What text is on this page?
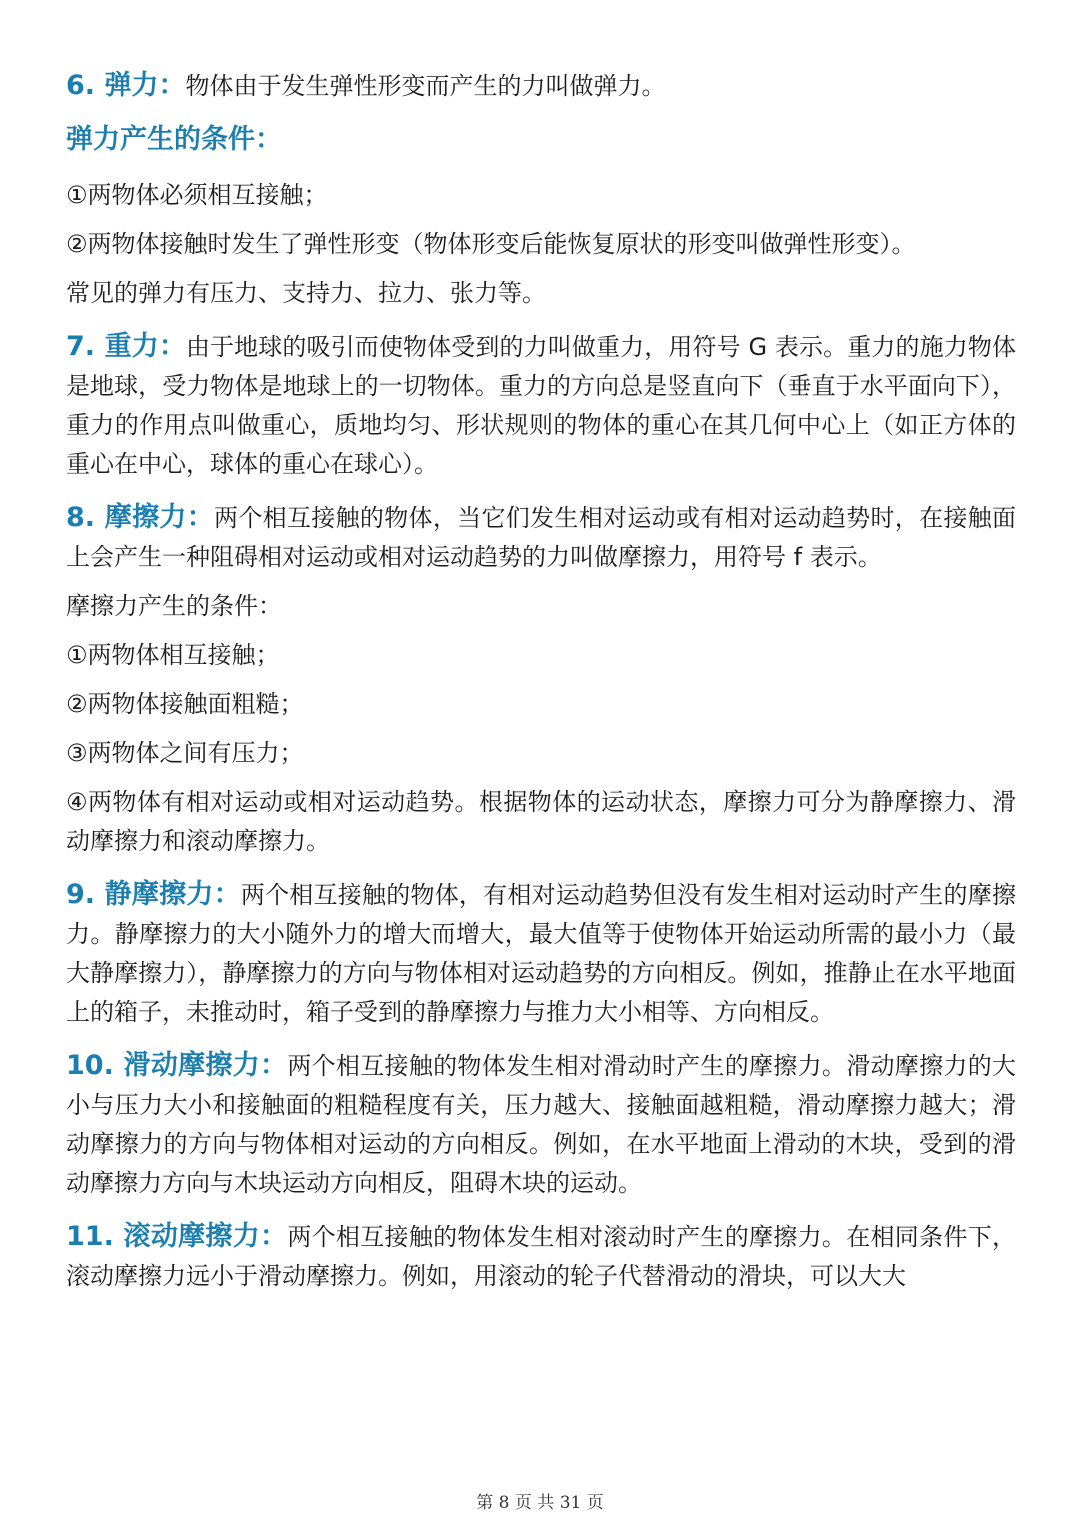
6. 弹力：物体由于发生弹性形变而产生的力叫做弹力。

弹力产生的条件：

①两物体必须相互接触；

②两物体接触时发生了弹性形变（物体形变后能恢复原状的形变叫做弹性形变）。

常见的弹力有压力、支持力、拉力、张力等。

7. 重力：由于地球的吸引而使物体受到的力叫做重力，用符号 G 表示。重力的施力物体是地球，受力物体是地球上的一切物体。重力的方向总是竖直向下（垂直于水平面向下），重力的作用点叫做重心，质地均匀、形状规则的物体的重心在其几何中心上（如正方体的重心在中心，球体的重心在球心）。

8. 摩擦力：两个相互接触的物体，当它们发生相对运动或有相对运动趋势时，在接触面上会产生一种阻碍相对运动或相对运动趋势的力叫做摩擦力，用符号 f 表示。

摩擦力产生的条件：

①两物体相互接触；

②两物体接触面粗糙；

③两物体之间有压力；

④两物体有相对运动或相对运动趋势。根据物体的运动状态，摩擦力可分为静摩擦力、滑动摩擦力和滚动摩擦力。

9. 静摩擦力：两个相互接触的物体，有相对运动趋势但没有发生相对运动时产生的摩擦力。静摩擦力的大小随外力的增大而增大，最大值等于使物体开始运动所需的最小力（最大静摩擦力），静摩擦力的方向与物体相对运动趋势的方向相反。例如，推静止在水平地面上的箱子，未推动时，箱子受到的静摩擦力与推力大小相等、方向相反。

10. 滑动摩擦力：两个相互接触的物体发生相对滑动时产生的摩擦力。滑动摩擦力的大小与压力大小和接触面的粗糙程度有关，压力越大、接触面越粗糙，滑动摩擦力越大；滑动摩擦力的方向与物体相对运动的方向相反。例如，在水平地面上滑动的木块，受到的滑动摩擦力方向与木块运动方向相反，阻碍木块的运动。

11. 滚动摩擦力：两个相互接触的物体发生相对滚动时产生的摩擦力。在相同条件下，滚动摩擦力远小于滑动摩擦力。例如，用滚动的轮子代替滑动的滑块，可以大大

第 8 页 共 31 页
